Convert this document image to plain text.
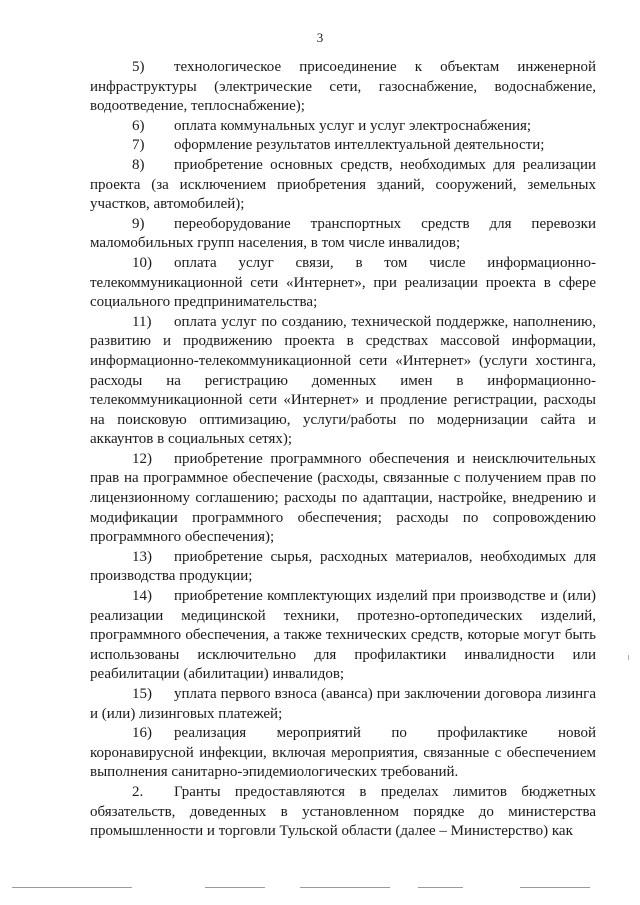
3

5) технологическое присоединение к объектам инженерной инфраструктуры (электрические сети, газоснабжение, водоснабжение, водоотведение, теплоснабжение);

6) оплата коммунальных услуг и услуг электроснабжения;

7) оформление результатов интеллектуальной деятельности;

8) приобретение основных средств, необходимых для реализации проекта (за исключением приобретения зданий, сооружений, земельных участков, автомобилей);

9) переоборудование транспортных средств для перевозки маломобильных групп населения, в том числе инвалидов;

10) оплата услуг связи, в том числе информационно-телекоммуникационной сети «Интернет», при реализации проекта в сфере социального предпринимательства;

11) оплата услуг по созданию, технической поддержке, наполнению, развитию и продвижению проекта в средствах массовой информации, информационно-телекоммуникационной сети «Интернет» (услуги хостинга, расходы на регистрацию доменных имен в информационно-телекоммуникационной сети «Интернет» и продление регистрации, расходы на поисковую оптимизацию, услуги/работы по модернизации сайта и аккаунтов в социальных сетях);

12) приобретение программного обеспечения и неисключительных прав на программное обеспечение (расходы, связанные с получением прав по лицензионному соглашению; расходы по адаптации, настройке, внедрению и модификации программного обеспечения; расходы по сопровождению программного обеспечения);

13) приобретение сырья, расходных материалов, необходимых для производства продукции;

14) приобретение комплектующих изделий при производстве и (или) реализации медицинской техники, протезно-ортопедических изделий, программного обеспечения, а также технических средств, которые могут быть использованы исключительно для профилактики инвалидности или реабилитации (абилитации) инвалидов;

15) уплата первого взноса (аванса) при заключении договора лизинга и (или) лизинговых платежей;

16) реализация мероприятий по профилактике новой коронавирусной инфекции, включая мероприятия, связанные с обеспечением выполнения санитарно-эпидемиологических требований.

2. Гранты предоставляются в пределах лимитов бюджетных обязательств, доведенных в установленном порядке до министерства промышленности и торговли Тульской области (далее – Министерство) как
